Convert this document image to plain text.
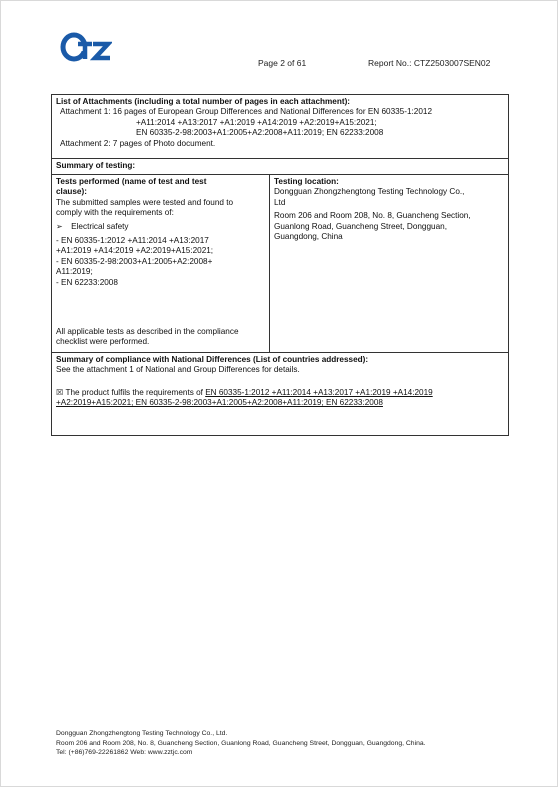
Page 2 of 61	Report No.: CTZ2503007SEN02
List of Attachments (including a total number of pages in each attachment):
Attachment 1: 16 pages of European Group Differences and National Differences for EN 60335-1:2012
+A11:2014 +A13:2017 +A1:2019 +A14:2019 +A2:2019+A15:2021;
EN 60335-2-98:2003+A1:2005+A2:2008+A11:2019; EN 62233:2008
Attachment 2: 7 pages of Photo document.
Summary of testing:
Tests performed (name of test and test
clause):
The submitted samples were tested and found to
comply with the requirements of:
➢ Electrical safety
- EN 60335-1:2012 +A11:2014 +A13:2017
+A1:2019 +A14:2019 +A2:2019+A15:2021;
- EN 60335-2-98:2003+A1:2005+A2:2008+
A11:2019;
- EN 62233:2008
All applicable tests as described in the compliance
checklist were performed.
Testing location:
Dongguan Zhongzhengtong Testing Technology Co.,
Ltd
Room 206 and Room 208, No. 8, Guancheng Section,
Guanlong Road, Guancheng Street, Dongguan,
Guangdong, China
Summary of compliance with National Differences (List of countries addressed):
See the attachment 1 of National and Group Differences for details.
☒ The product fulfils the requirements of EN 60335-1:2012 +A11:2014 +A13:2017 +A1:2019 +A14:2019
+A2:2019+A15:2021; EN 60335-2-98:2003+A1:2005+A2:2008+A11:2019; EN 62233:2008
Dongguan Zhongzhengtong Testing Technology Co., Ltd.
Room 206 and Room 208, No. 8, Guancheng Section, Guanlong Road, Guancheng Street, Dongguan, Guangdong, China.
Tel: (+86)769-22261862 Web: www.zztjc.com
